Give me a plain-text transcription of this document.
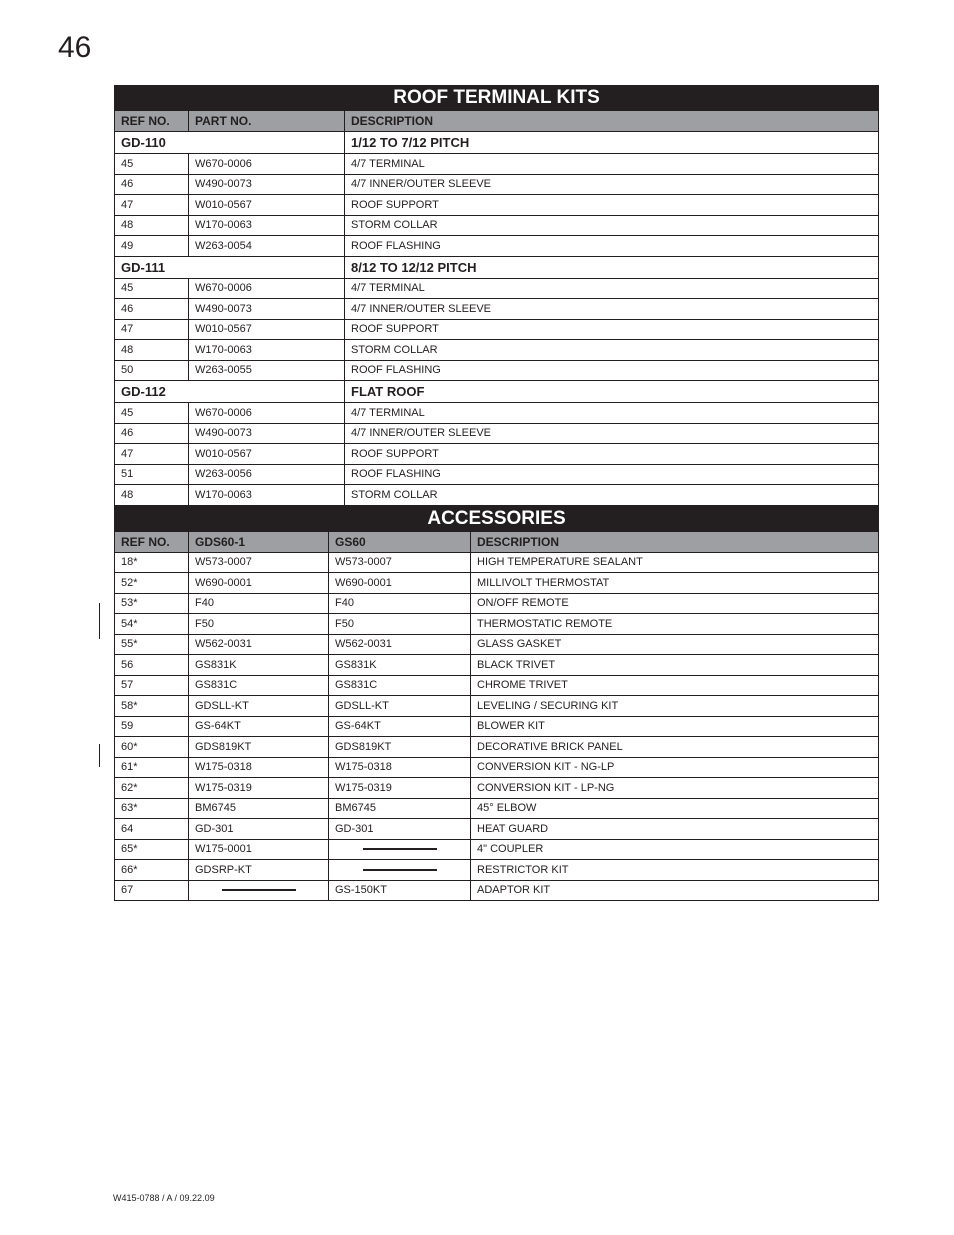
46
ROOF TERMINAL KITS		
REF NO.	PART NO.	DESCRIPTION
GD-110		1/12 TO 7/12 PITCH
45	W670-0006	4/7 TERMINAL
46	W490-0073	4/7 INNER/OUTER SLEEVE
47	W010-0567	ROOF SUPPORT
48	W170-0063	STORM COLLAR
49	W263-0054	ROOF FLASHING
GD-111		8/12 TO 12/12 PITCH
45	W670-0006	4/7 TERMINAL
46	W490-0073	4/7 INNER/OUTER SLEEVE
47	W010-0567	ROOF SUPPORT
48	W170-0063	STORM COLLAR
50	W263-0055	ROOF FLASHING
GD-112		FLAT ROOF
45	W670-0006	4/7 TERMINAL
46	W490-0073	4/7 INNER/OUTER SLEEVE
47	W010-0567	ROOF SUPPORT
51	W263-0056	ROOF FLASHING
48	W170-0063	STORM COLLAR
ACCESSORIES			
REF NO.	GDS60-1	GS60	DESCRIPTION
18*	W573-0007	W573-0007	HIGH TEMPERATURE SEALANT
52*	W690-0001	W690-0001	MILLIVOLT THERMOSTAT
53*	F40	F40	ON/OFF REMOTE
54*	F50	F50	THERMOSTATIC REMOTE
55*	W562-0031	W562-0031	GLASS GASKET
56	GS831K	GS831K	BLACK TRIVET
57	GS831C	GS831C	CHROME TRIVET
58*	GDSLL-KT	GDSLL-KT	LEVELING / SECURING KIT
59	GS-64KT	GS-64KT	BLOWER KIT
60*	GDS819KT	GDS819KT	DECORATIVE BRICK PANEL
61*	W175-0318	W175-0318	CONVERSION KIT - NG-LP
62*	W175-0319	W175-0319	CONVERSION KIT - LP-NG
63*	BM6745	BM6745	45° ELBOW
64	GD-301	GD-301	HEAT GUARD
65*	W175-0001		4" COUPLER
66*	GDSRP-KT		RESTRICTOR KIT
67		GS-150KT	ADAPTOR KIT
W415-0788 / A / 09.22.09
